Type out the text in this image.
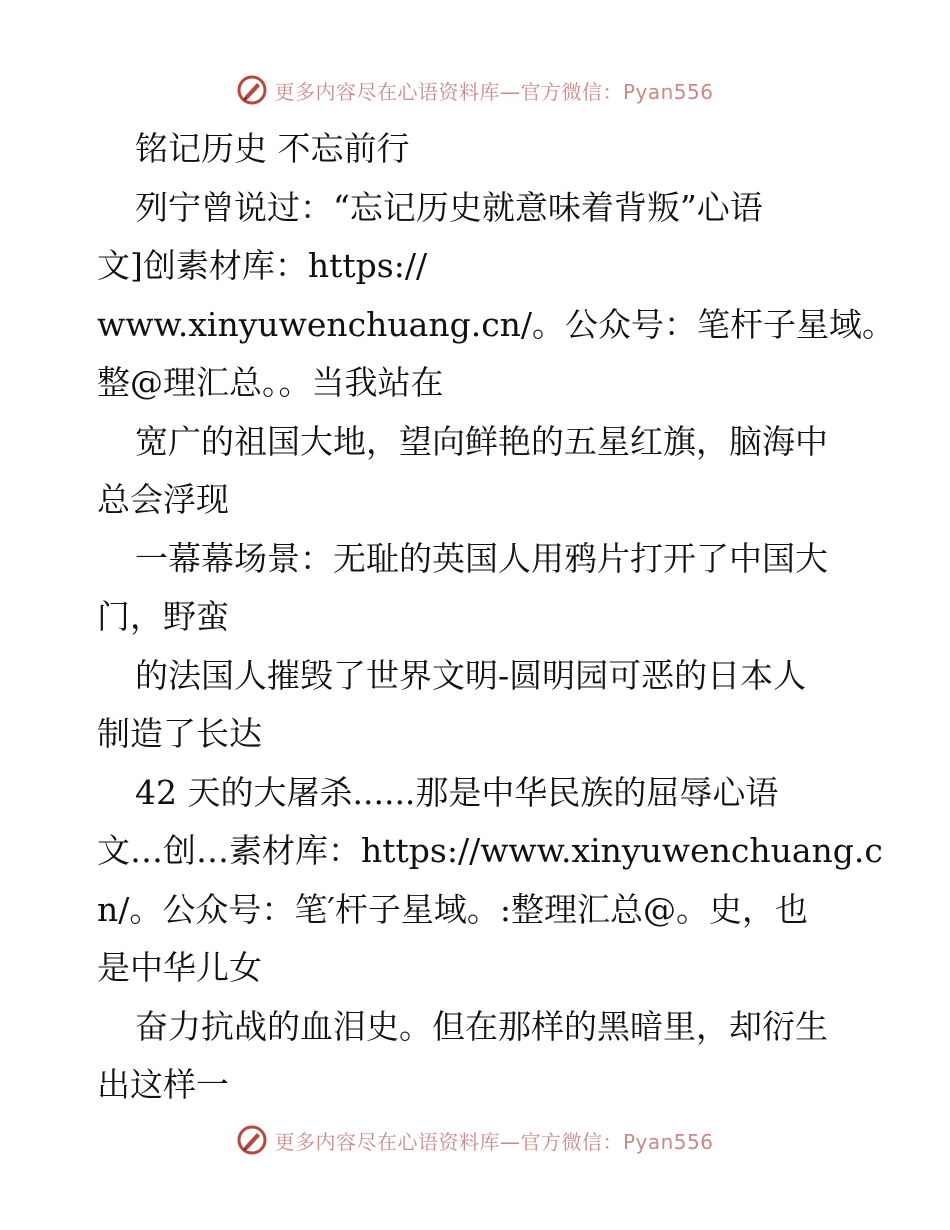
更多内容尽在心语资料库—官方微信：Pyan556
铭记历史 不忘前行
列宁曾说过：“忘记历史就意味着背叛”心语
文]创素材库：https://
www.xinyuwenchuang.cn/。公众号：笔杆子星域。
整@理汇总。。当我站在
宽广的祖国大地，望向鲜艳的五星红旗，脑海中
总会浮现
一幕幕场景：无耻的英国人用鸦片打开了中国大
门，野蛮
的法国人摧毁了世界文明-圆明园可恶的日本人
制造了长达
42 天的大屠杀......那是中华民族的屈辱心语
文…创…素材库：https://www.xinyuwenchuang.c
n/。公众号：笔′杆子星域。:整理汇总@。史，也
是中华儿女
奋力抗战的血泪史。但在那样的黑暗里，却衍生
出这样一
更多内容尽在心语资料库—官方微信：Pyan556
